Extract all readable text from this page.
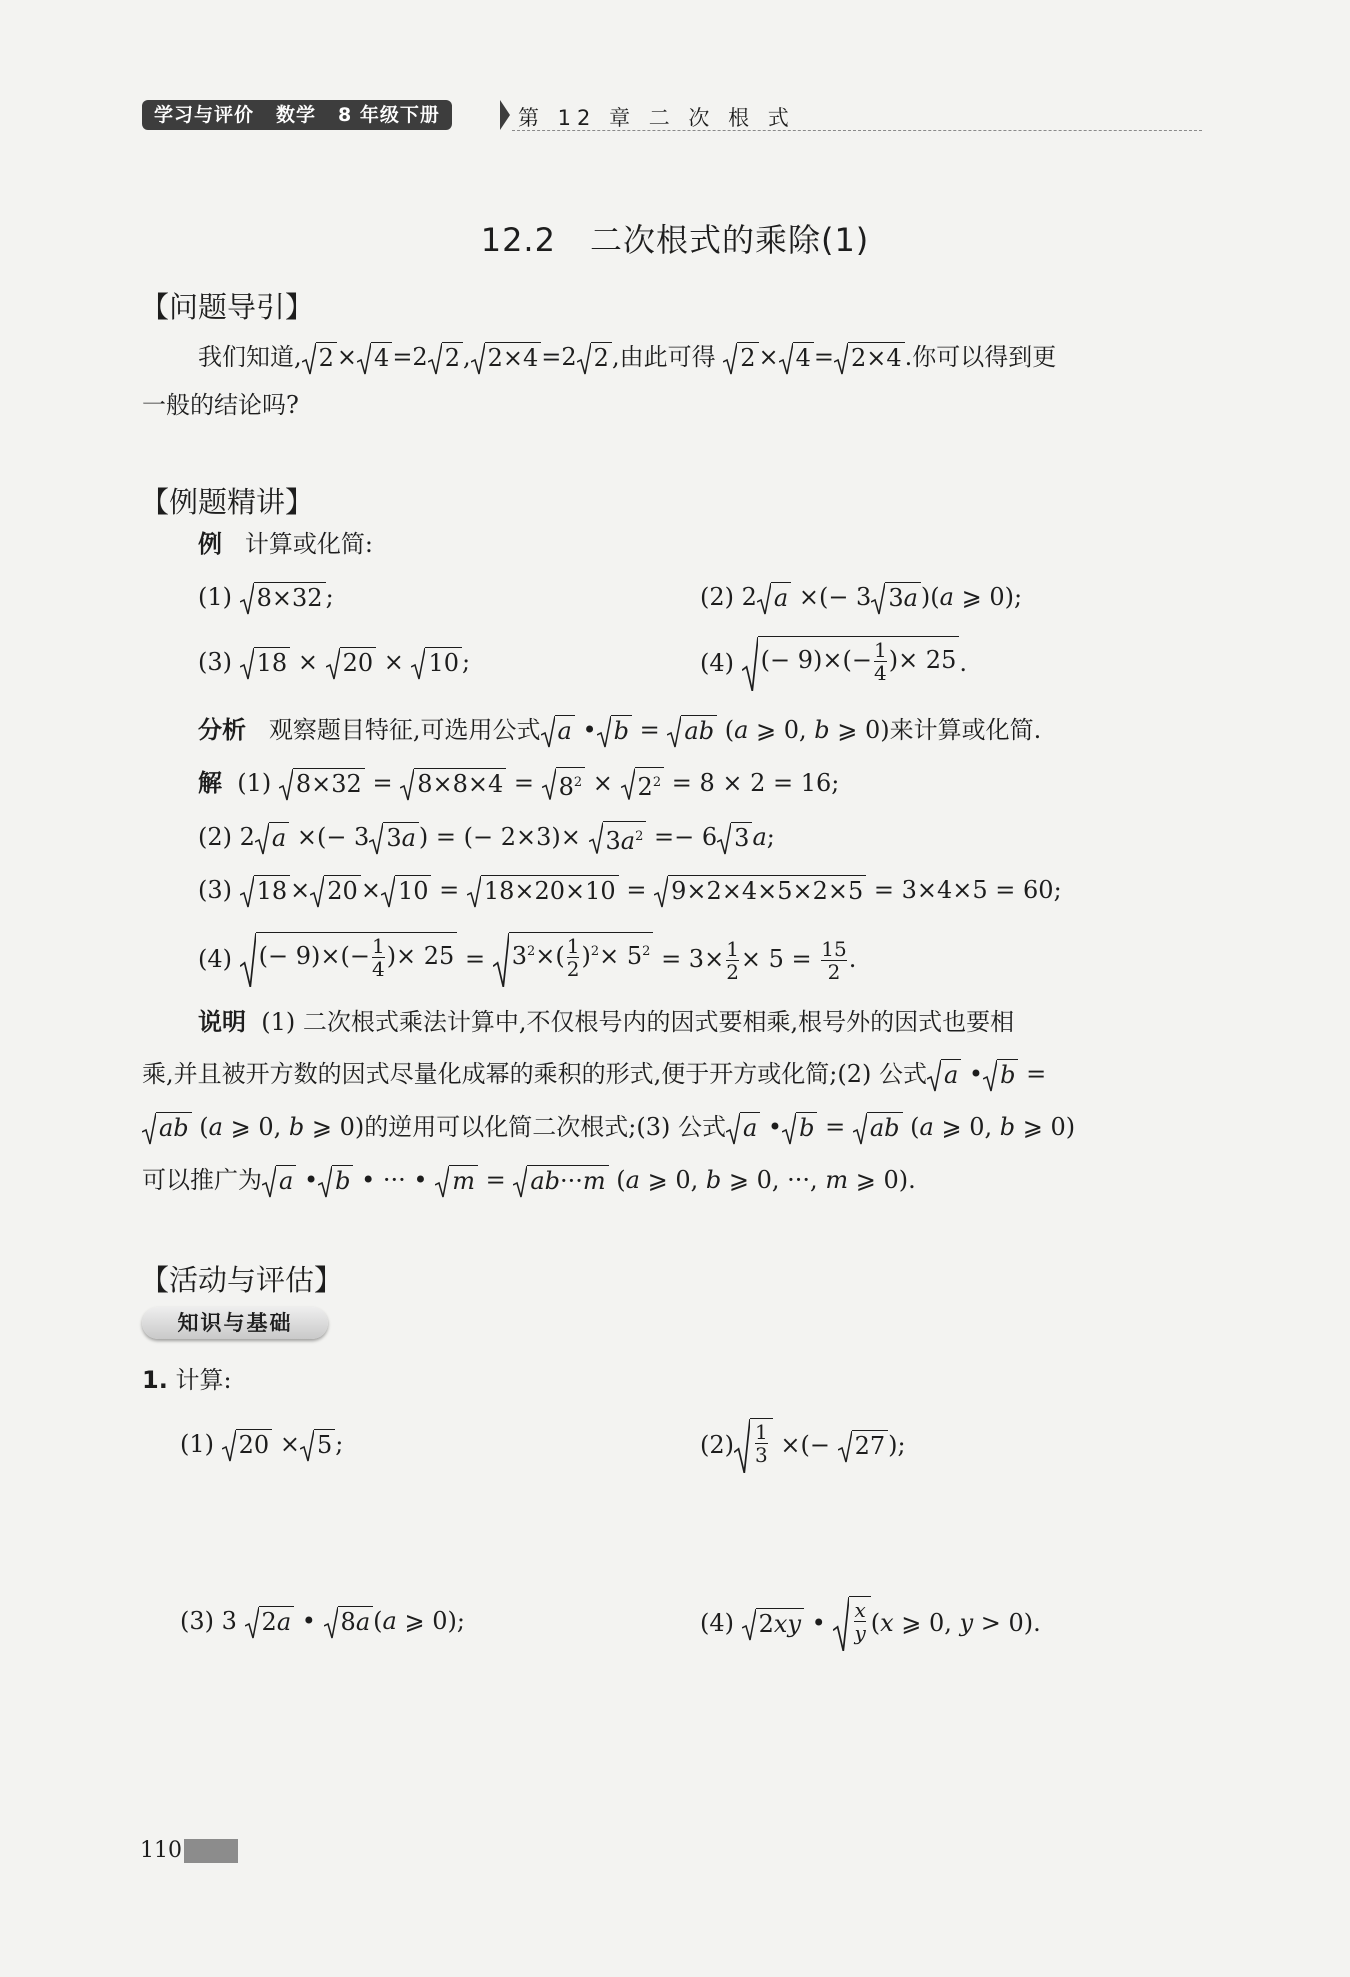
学习与评价 数学 8 年级下册	第 12 章 二 次 根 式
12.2 二次根式的乘除(1)
【问题导引】
我们知道, 2 × 4 =2 2 , 2×4 =2 2 ,由此可得 2 × 4 = 2×4 .你可以得到更
一般的结论吗?
【例题精讲】
例 计算或化简:
(1) 8×32 ;	(2) 2 a ×(− 3 3a )(a ⩾ 0);
(3) 18 × 20 × 10 ;	(4) (− $9)\times(- \frac{1}{4}$ )× 25 .
分析 观察题目特征,可选用公式 a • b = ab (a ⩾ 0, b ⩾ 0)来计算或化简.
解  (1) $8\times 32 = 8\times 8\times 4 = 8^2 \times 2^2 = 8 \times 2 = 16$;
(2) 2 a ×(− 3 3a ) = (− $2\times 3)\times 3a^2 =- 6$ 3 a;
(3) 18 × 20 × 10 = 18×20×10 = 9×2×4×5×2×5 = 3×4×5 = 60;
(4) (− $9)\times(- \frac{1}{4}$ )× $25 = 3^2\times( \frac{1}{2} )^2\times 5^2 = 3\times \frac{1}{2} \times 5 = \frac{15}{2}$ .
说明 (1) 二次根式乘法计算中,不仅根号内的因式要相乘,根号外的因式也要相
乘,并且被开方数的因式尽量化成幂的乘积的形式,便于开方或化简;(2) 公式 a • b =
ab (a ⩾ 0, b ⩾ 0)的逆用可以化简二次根式;(3) 公式 a • b = ab (a ⩾ 0, b ⩾ 0)
可以推广为 a • b • ··· • m = ab···m (a ⩾ 0, b ⩾ 0, ···, m ⩾ 0).
【活动与评估】
知识与基础
1. 计算:
(1) 20 × 5 ;	$(2) \frac{1}{3}$ ×(− 27 );
(3) 3 2a • 8a (a ⩾ 0);	(4) 2xy • $\frac{x}{y} (x$ ⩾ 0, y > 0).
110
